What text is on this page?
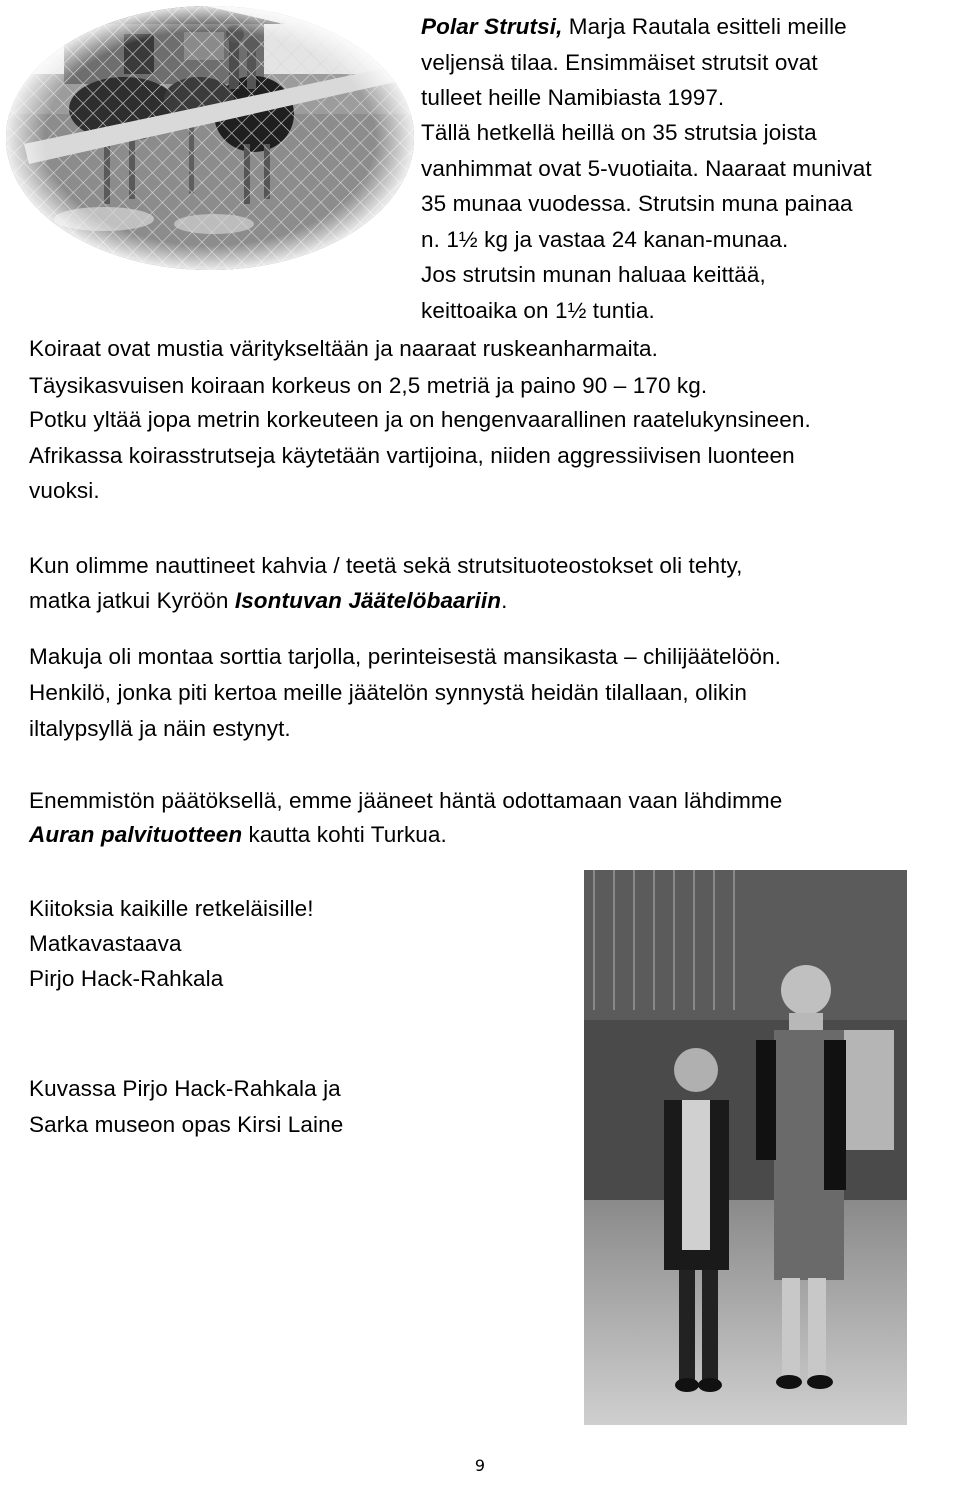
Polar Strutsi, Marja Rautala esitteli meille
veljensä tilaa. Ensimmäiset strutsit ovat
tulleet heille Namibiasta 1997.
Tällä hetkellä heillä on 35 strutsia joista
vanhimmat ovat 5-vuotiaita. Naaraat munivat
35 munaa vuodessa. Strutsin muna painaa
n. 1½ kg ja vastaa 24 kanan-munaa.
Jos strutsin munan haluaa keittää,
keittoaika on 1½ tuntia.
Koiraat ovat mustia väritykseltään ja naaraat ruskeanharmaita.
Täysikasvuisen koiraan korkeus on 2,5 metriä ja paino 90 – 170 kg.
Potku yltää jopa metrin korkeuteen ja on hengenvaarallinen raatelukynsineen.
Afrikassa koirasstrutseja käytetään vartijoina, niiden aggressiivisen luonteen
vuoksi.
Kun olimme nauttineet kahvia / teetä sekä strutsituoteostokset oli tehty,
matka jatkui Kyröön Isontuvan Jäätelöbaariin.
Makuja oli montaa sorttia tarjolla, perinteisestä mansikasta – chilijäätelöön.
Henkilö, jonka piti kertoa meille jäätelön synnystä heidän tilallaan, olikin
iltalypsyllä ja näin estynyt.
Enemmistön päätöksellä, emme jääneet häntä odottamaan vaan lähdimme
Auran palvituotteen kautta kohti Turkua.
Kiitoksia kaikille retkeläisille!
Matkavastaava
Pirjo Hack-Rahkala
Kuvassa Pirjo Hack-Rahkala ja
Sarka museon opas Kirsi Laine
9
